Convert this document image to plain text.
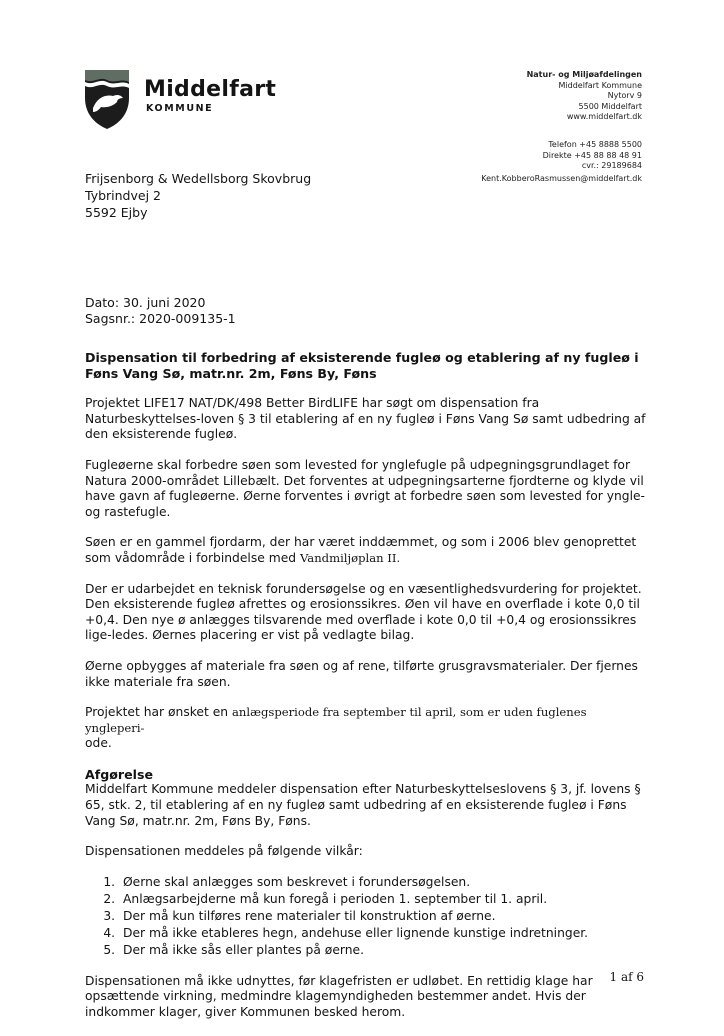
Middelfart
KOMMUNE
Natur- og Miljøafdelingen
Middelfart Kommune
Nytorv 9
5500 Middelfart
www.middelfart.dk
Telefon +45 8888 5500
Direkte +45 88 88 48 91
cvr.: 29189684
Kent.KobberoRasmussen@middelfart.dk
Frijsenborg & Wedellsborg Skovbrug
Tybrindvej 2
5592 Ejby
Dato: 30. juni 2020
Sagsnr.: 2020-009135-1
Dispensation til forbedring af eksisterende fugleø og etablering af ny fugleø i Føns Vang Sø, matr.nr. 2m, Føns By, Føns

Projektet LIFE17 NAT/DK/498 Better BirdLIFE har søgt om dispensation fra Naturbeskyttelses-loven § 3 til etablering af en ny fugleø i Føns Vang Sø samt udbedring af den eksisterende fugleø.

Fugleøerne skal forbedre søen som levested for ynglefugle på udpegningsgrundlaget for Natura 2000-området Lillebælt. Det forventes at udpegningsarterne fjordterne og klyde vil have gavn af fugleøerne. Øerne forventes i øvrigt at forbedre søen som levested for yngle- og rastefugle.

Søen er en gammel fjordarm, der har været inddæmmet, og som i 2006 blev genoprettet som vådområde i forbindelse med Vandmiljøplan II.

Der er udarbejdet en teknisk forundersøgelse og en væsentlighedsvurdering for projektet. Den eksisterende fugleø afrettes og erosionssikres. Øen vil have en overflade i kote 0,0 til +0,4. Den nye ø anlægges tilsvarende med overflade i kote 0,0 til +0,4 og erosionssikres lige-ledes. Øernes placering er vist på vedlagte bilag.

Øerne opbygges af materiale fra søen og af rene, tilførte grusgravsmaterialer. Der fjernes ikke materiale fra søen.

Projektet har ønsket en anlægsperiode fra september til april, som er uden fuglenes yngleperi-
ode.

Afgørelse

Middelfart Kommune meddeler dispensation efter Naturbeskyttelseslovens § 3, jf. lovens § 65, stk. 2, til etablering af en ny fugleø samt udbedring af en eksisterende fugleø i Føns Vang Sø, matr.nr. 2m, Føns By, Føns.

Dispensationen meddeles på følgende vilkår:

1. Øerne skal anlægges som beskrevet i forundersøgelsen.
2. Anlægsarbejderne må kun foregå i perioden 1. september til 1. april.
3. Der må kun tilføres rene materialer til konstruktion af øerne.
4. Der må ikke etableres hegn, andehuse eller lignende kunstige indretninger.
5. Der må ikke sås eller plantes på øerne.

Dispensationen må ikke udnyttes, før klagefristen er udløbet. En rettidig klage har opsættende virkning, medmindre klagemyndigheden bestemmer andet. Hvis der indkommer klager, giver Kommunen besked herom.

1 af 6
